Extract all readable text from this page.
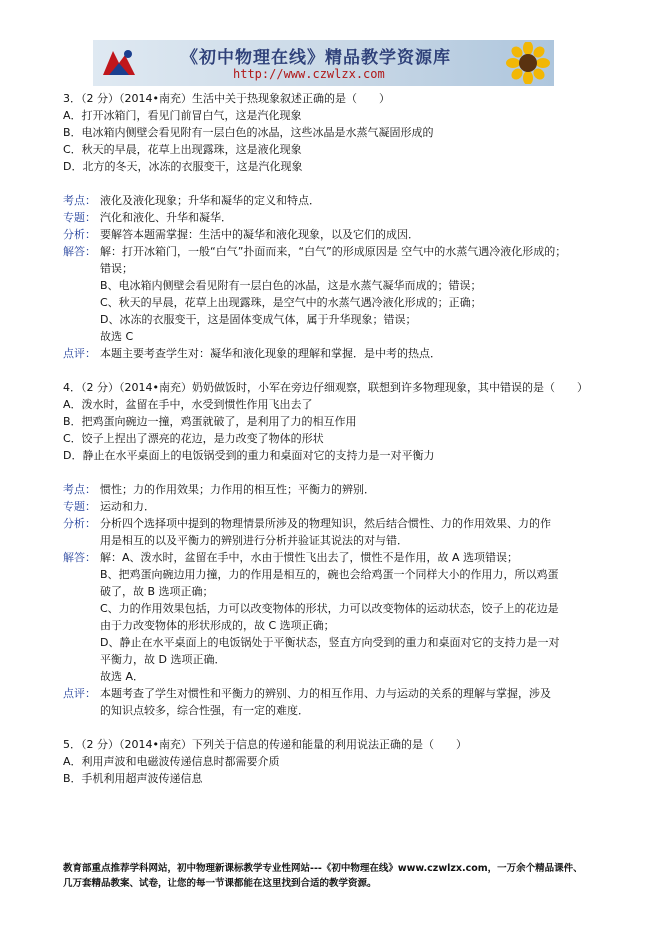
《初中物理在线》精品教学资源库
http://www.czwlzx.com
3．（2 分）（2014•南充）生活中关于热现象叙述正确的是（　　）
A．打开冰箱门，看见门前冒白气，这是汽化现象
B．电冰箱内侧壁会看见附有一层白色的冰晶，这些冰晶是水蒸气凝固形成的
C．秋天的早晨，花草上出现露珠，这是液化现象
D．北方的冬天，冰冻的衣服变干，这是汽化现象
考点： 液化及液化现象；升华和凝华的定义和特点．
专题： 汽化和液化、升华和凝华．
分析： 要解答本题需掌握：生活中的凝华和液化现象，以及它们的成因．
解答： 解：打开冰箱门，一般“白气”扑面而来，“白气”的形成原因是 空气中的水蒸气遇冷液化形成的；
错误；
B、电冰箱内侧壁会看见附有一层白色的冰晶，这是水蒸气凝华而成的；错误；
C、秋天的早晨，花草上出现露珠，是空气中的水蒸气遇冷液化形成的；正确；
D、冰冻的衣服变干，这是固体变成气体，属于升华现象；错误；
故选 C
点评： 本题主要考查学生对：凝华和液化现象的理解和掌握．是中考的热点．
4．（2 分）（2014•南充）奶奶做饭时，小军在旁边仔细观察，联想到许多物理现象，其中错误的是（　　）
A．泼水时，盆留在手中，水受到惯性作用飞出去了
B．把鸡蛋向碗边一撞，鸡蛋就破了，是利用了力的相互作用
C．饺子上捏出了漂亮的花边，是力改变了物体的形状
D．静止在水平桌面上的电饭锅受到的重力和桌面对它的支持力是一对平衡力
考点： 惯性；力的作用效果；力作用的相互性；平衡力的辨别．
专题： 运动和力．
分析： 分析四个选择项中提到的物理情景所涉及的物理知识，然后结合惯性、力的作用效果、力的作
用是相互的以及平衡力的辨别进行分析并验证其说法的对与错．
解答： 解：A、泼水时，盆留在手中，水由于惯性飞出去了，惯性不是作用，故 A 选项错误；
B、把鸡蛋向碗边用力撞，力的作用是相互的，碗也会给鸡蛋一个同样大小的作用力，所以鸡蛋
破了，故 B 选项正确；
C、力的作用效果包括，力可以改变物体的形状，力可以改变物体的运动状态，饺子上的花边是
由于力改变物体的形状形成的，故 C 选项正确；
D、静止在水平桌面上的电饭锅处于平衡状态，竖直方向受到的重力和桌面对它的支持力是一对
平衡力，故 D 选项正确．
故选 A．
点评： 本题考查了学生对惯性和平衡力的辨别、力的相互作用、力与运动的关系的理解与掌握，涉及
的知识点较多，综合性强，有一定的难度．
5．（2 分）（2014•南充）下列关于信息的传递和能量的利用说法正确的是（　　）
A．利用声波和电磁波传递信息时都需要介质
B．手机利用超声波传递信息
教育部重点推荐学科网站，初中物理新课标教学专业性网站---《初中物理在线》www.czwlzx.com，一万余个精品课件、
几万套精品教案、试卷，让您的每一节课都能在这里找到合适的教学资源。
